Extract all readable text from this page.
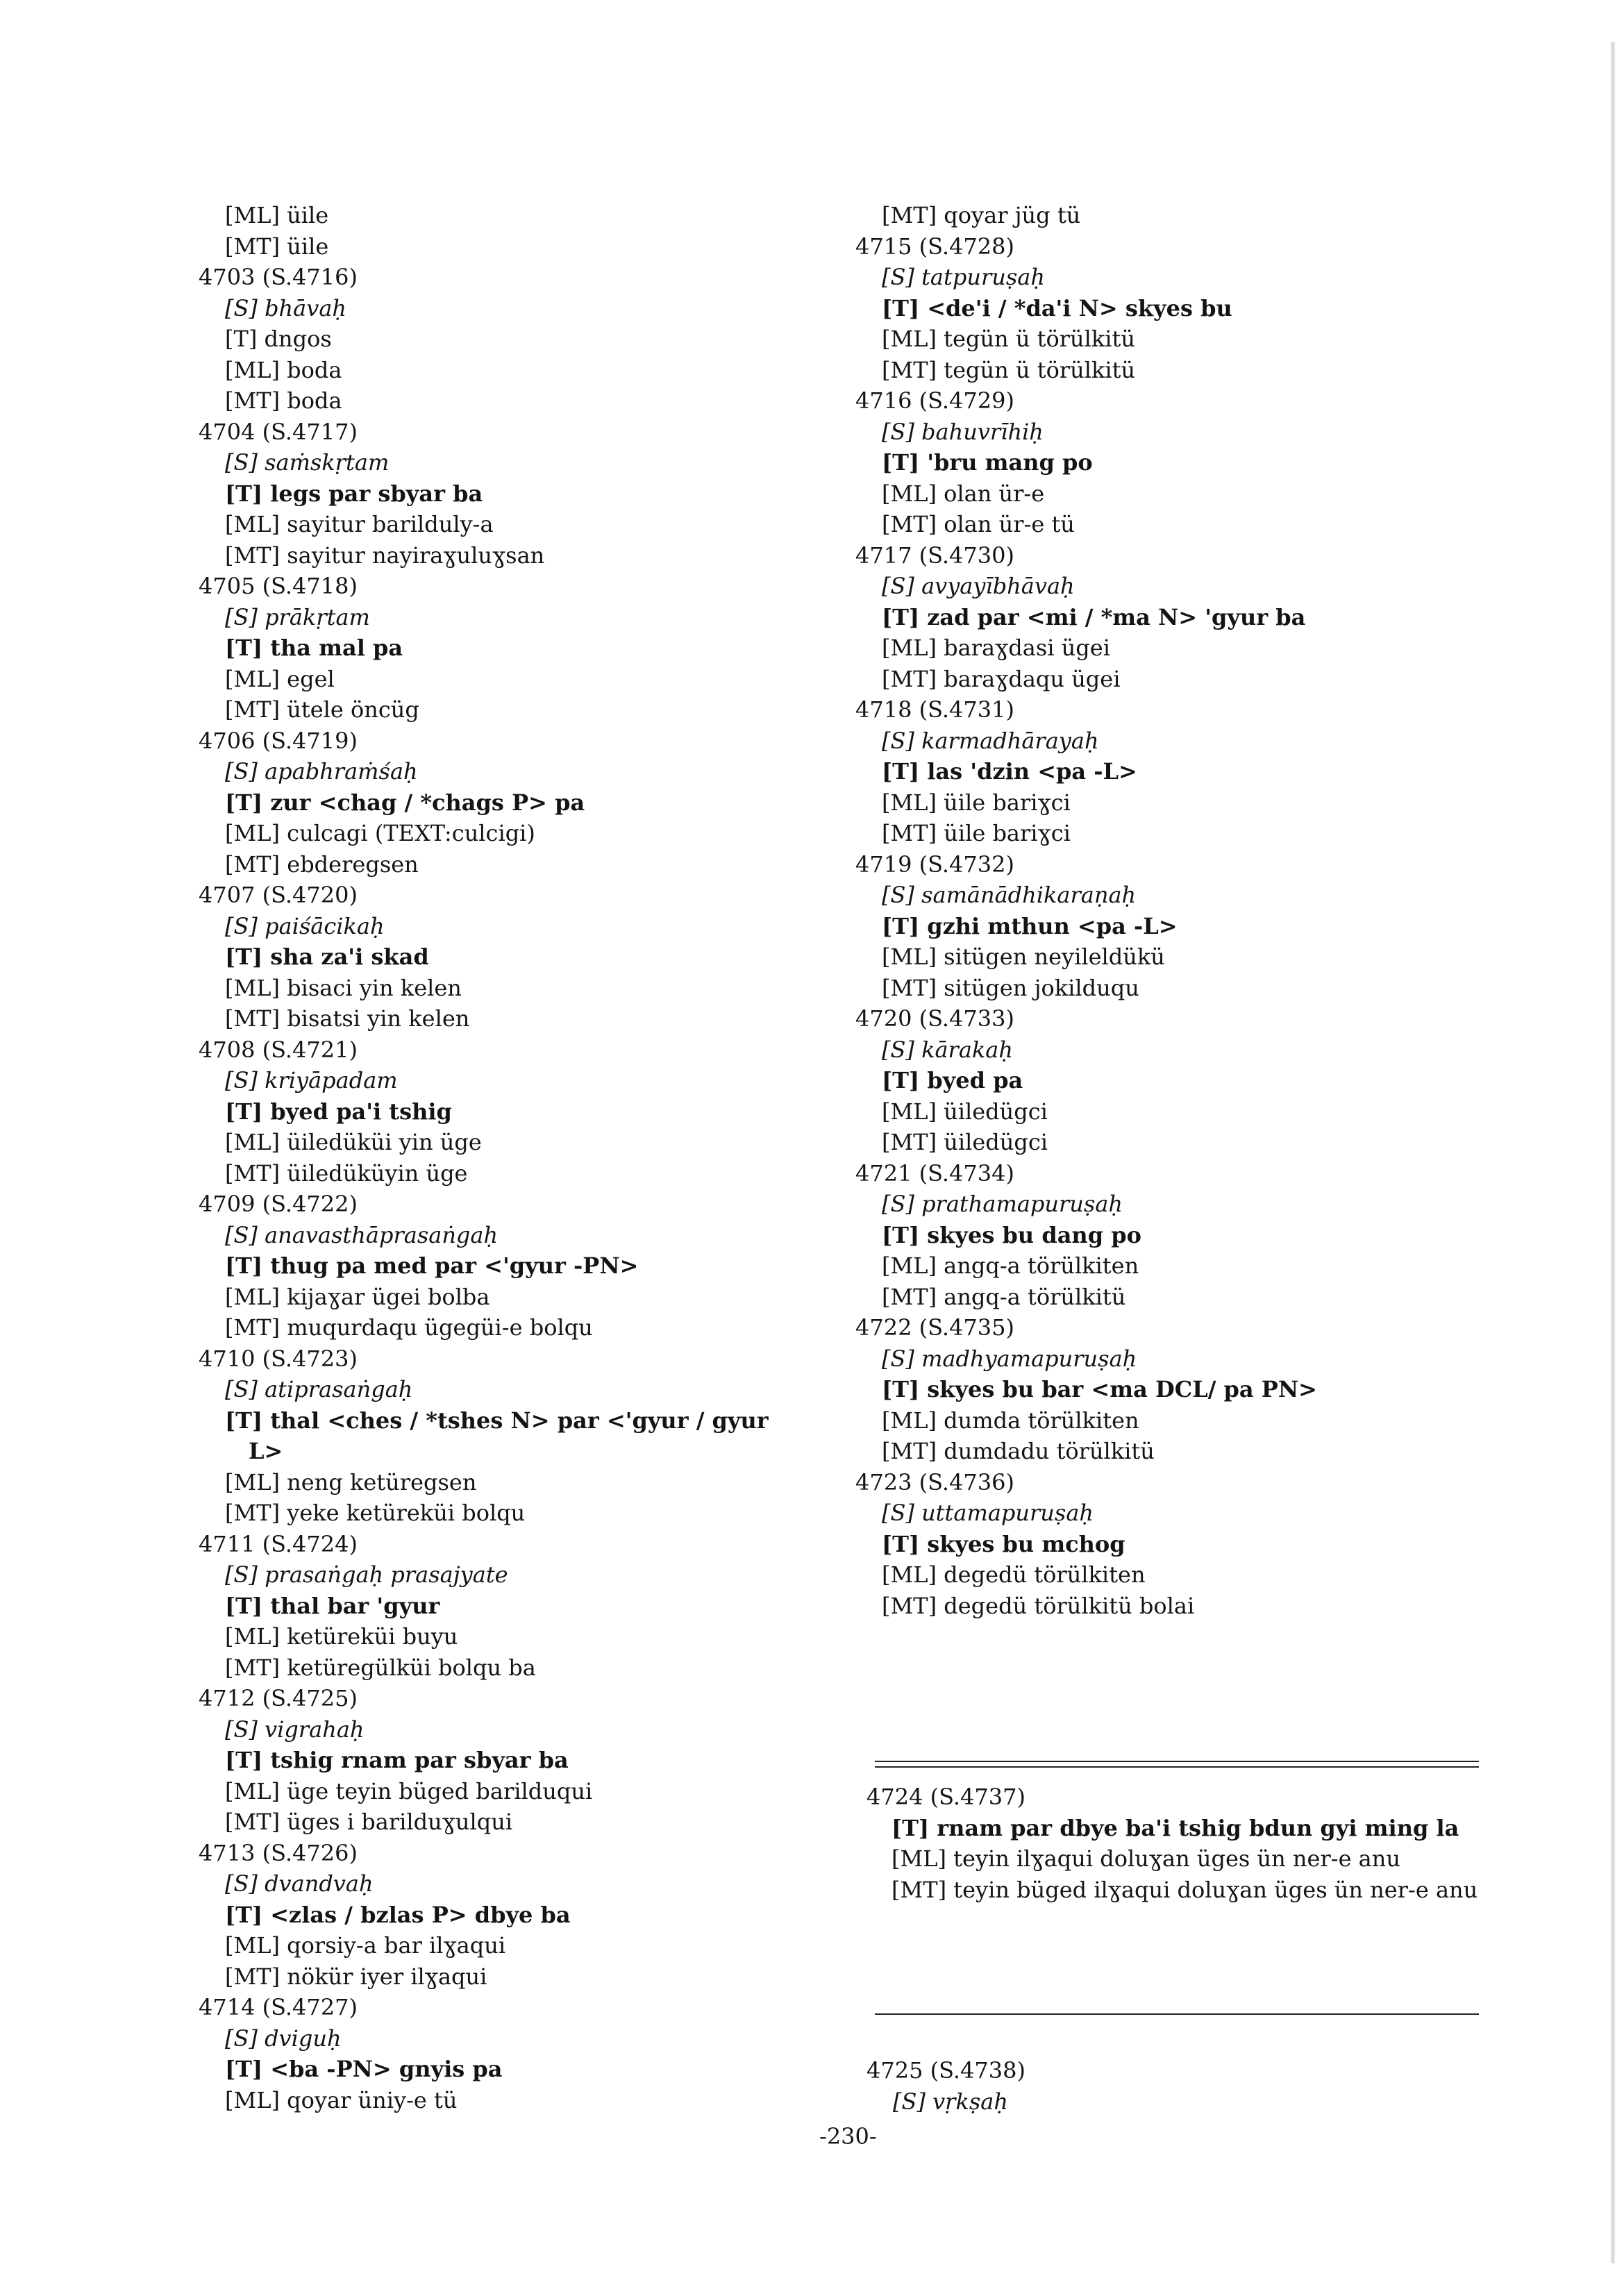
[ML] üile
[MT] üile
4703 (S.4716)
[S] bhāvaḥ
[T] dngos
[ML] boda
[MT] boda
4704 (S.4717)
[S] saṁskṛtam
[T] legs par sbyar ba
[ML] sayitur barilduly-a
[MT] sayitur nayiraɣuluɣsan
4705 (S.4718)
[S] prākṛtam
[T] tha mal pa
[ML] egel
[MT] ütele öncüg
4706 (S.4719)
[S] apabhraṁśaḥ
[T] zur <chag / *chags P> pa
[ML] culcagi (TEXT:culcigi)
[MT] ebderegsen
4707 (S.4720)
[S] paiśācikaḥ
[T] sha za'i skad
[ML] bisaci yin kelen
[MT] bisatsi yin kelen
4708 (S.4721)
[S] kriyāpadam
[T] byed pa'i tshig
[ML] üiledüküi yin üge
[MT] üiledüküyin üge
4709 (S.4722)
[S] anavasthāprasaṅgaḥ
[T] thug pa med par <'gyur -PN>
[ML] kijaɣar ügei bolba
[MT] muqurdaqu ügegüi-e bolqu
4710 (S.4723)
[S] atiprasaṅgaḥ
[T] thal <ches / *tshes N> par <'gyur / gyur
L>
[ML] neng ketüregsen
[MT] yeke ketüreküi bolqu
4711 (S.4724)
[S] prasaṅgaḥ prasajyate
[T] thal bar 'gyur
[ML] ketüreküi buyu
[MT] ketüregülküi bolqu ba
4712 (S.4725)
[S] vigrahaḥ
[T] tshig rnam par sbyar ba
[ML] üge teyin büged barilduqui
[MT] üges i barilduɣulqui
4713 (S.4726)
[S] dvandvaḥ
[T] <zlas / bzlas P> dbye ba
[ML] qorsiy-a bar ilɣaqui
[MT] nökür iyer ilɣaqui
4714 (S.4727)
[S] dviguḥ
[T] <ba -PN> gnyis pa
[ML] qoyar üniy-e tü
[MT] qoyar jüg tü
4715 (S.4728)
[S] tatpuruṣaḥ
[T] <de'i / *da'i N> skyes bu
[ML] tegün ü törülkitü
[MT] tegün ü törülkitü
4716 (S.4729)
[S] bahuvrīhiḥ
[T] 'bru mang po
[ML] olan ür-e
[MT] olan ür-e tü
4717 (S.4730)
[S] avyayībhāvaḥ
[T] zad par <mi / *ma N> 'gyur ba
[ML] baraɣdasi ügei
[MT] baraɣdaqu ügei
4718 (S.4731)
[S] karmadhārayaḥ
[T] las 'dzin <pa -L>
[ML] üile bariɣci
[MT] üile bariɣci
4719 (S.4732)
[S] samānādhikaraṇaḥ
[T] gzhi mthun <pa -L>
[ML] sitügen neyileldükü
[MT] sitügen jokilduqu
4720 (S.4733)
[S] kārakaḥ
[T] byed pa
[ML] üiledügci
[MT] üiledügci
4721 (S.4734)
[S] prathamapuruṣaḥ
[T] skyes bu dang po
[ML] angq-a törülkiten
[MT] angq-a törülkitü
4722 (S.4735)
[S] madhyamapuruṣaḥ
[T] skyes bu bar <ma DCL/ pa PN>
[ML] dumda törülkiten
[MT] dumdadu törülkitü
4723 (S.4736)
[S] uttamapuruṣaḥ
[T] skyes bu mchog
[ML] degedü törülkiten
[MT] degedü törülkitü bolai
4724 (S.4737)
[T] rnam par dbye ba'i tshig bdun gyi ming la
[ML] teyin ilɣaqui doluɣan üges ün ner-e anu
[MT] teyin büged ilɣaqui doluɣan üges ün ner-e anu
4725 (S.4738)
[S] vṛkṣaḥ
-230-
